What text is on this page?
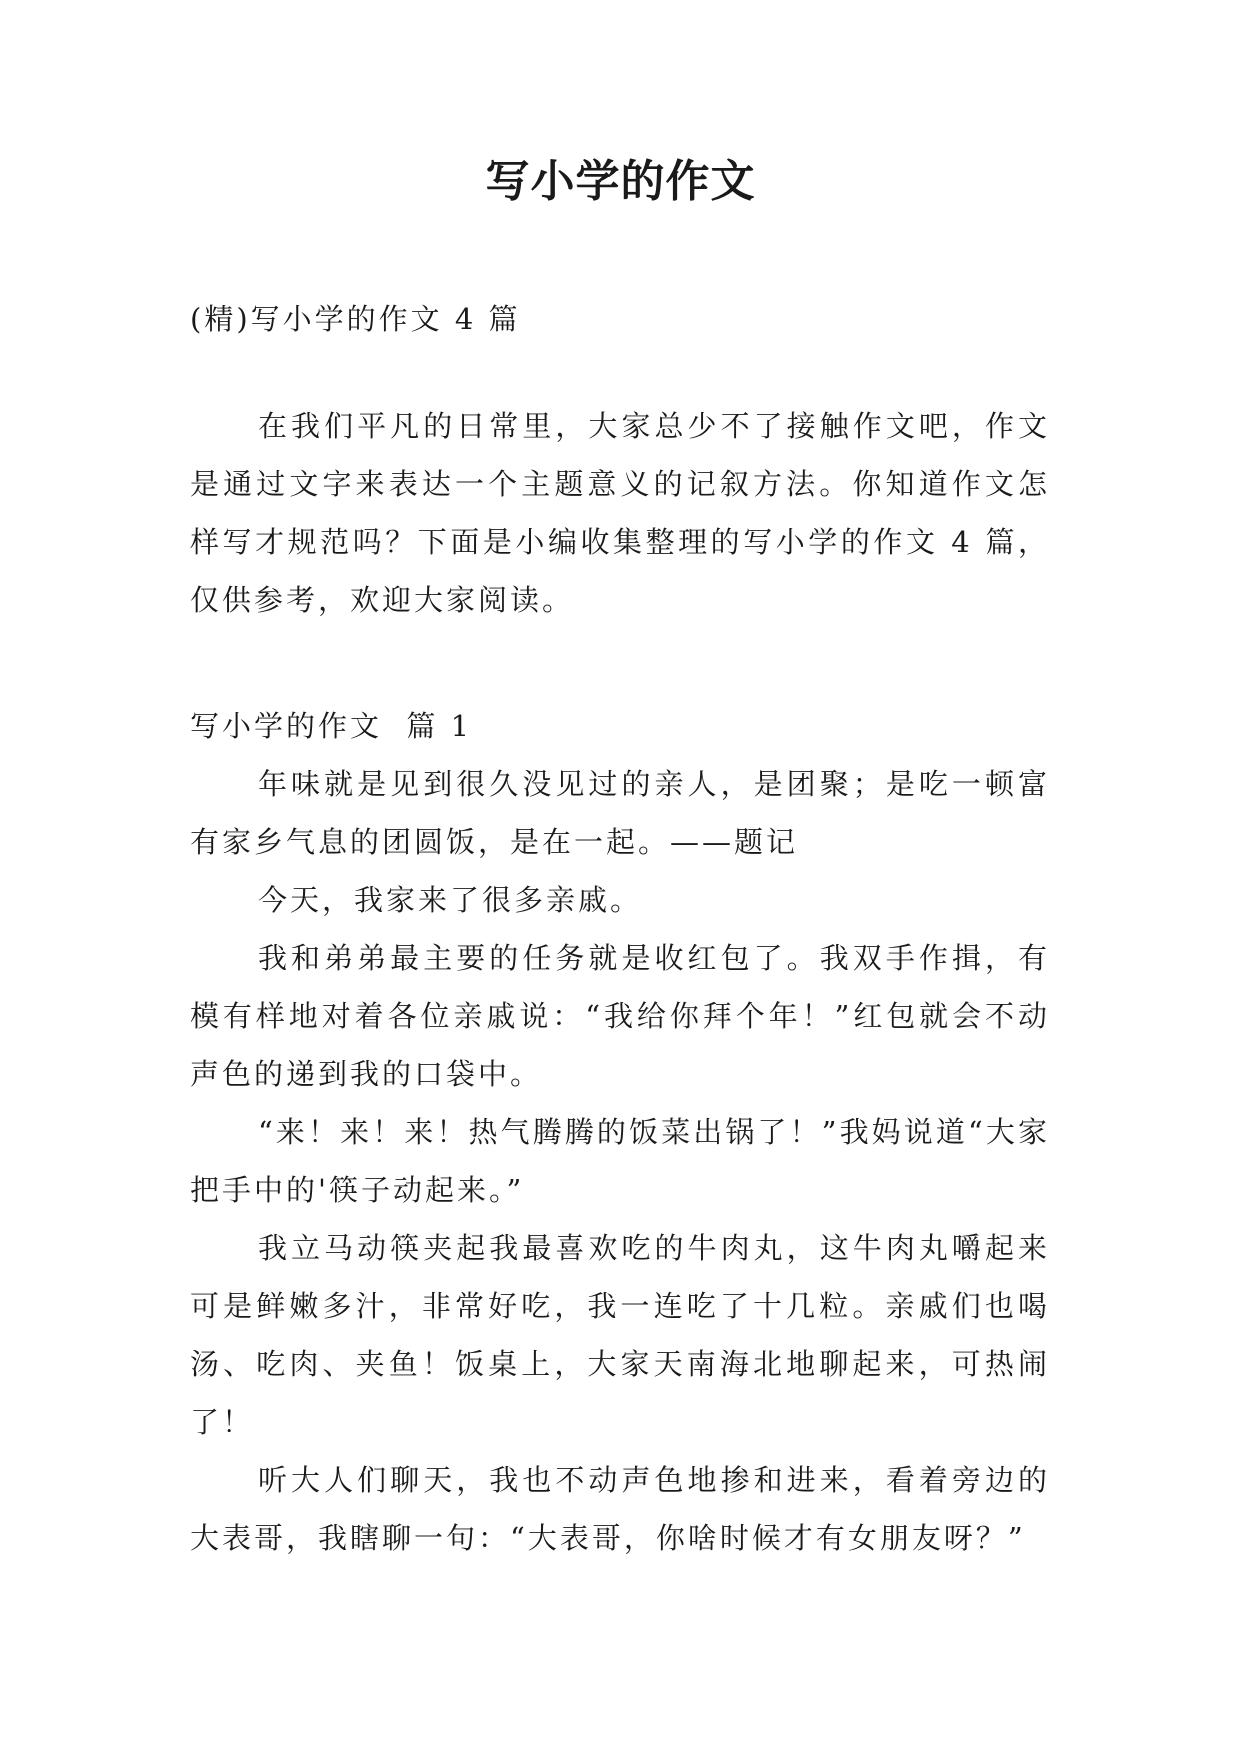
写小学的作文

(精)写小学的作文 4 篇

在我们平凡的日常里，大家总少不了接触作文吧，作文是通过文字来表达一个主题意义的记叙方法。你知道作文怎样写才规范吗？下面是小编收集整理的写小学的作文 4 篇，仅供参考，欢迎大家阅读。

写小学的作文  篇 1

年味就是见到很久没见过的亲人，是团聚；是吃一顿富有家乡气息的团圆饭，是在一起。——题记

今天，我家来了很多亲戚。

我和弟弟最主要的任务就是收红包了。我双手作揖，有模有样地对着各位亲戚说：“我给你拜个年！”红包就会不动声色的递到我的口袋中。

“来！来！来！热气腾腾的饭菜出锅了！”我妈说道“大家把手中的'筷子动起来。”

我立马动筷夹起我最喜欢吃的牛肉丸，这牛肉丸嚼起来可是鲜嫩多汁，非常好吃，我一连吃了十几粒。亲戚们也喝汤、吃肉、夹鱼！饭桌上，大家天南海北地聊起来，可热闹了！

听大人们聊天，我也不动声色地掺和进来，看着旁边的大表哥，我瞎聊一句：“大表哥，你啥时候才有女朋友呀？”
